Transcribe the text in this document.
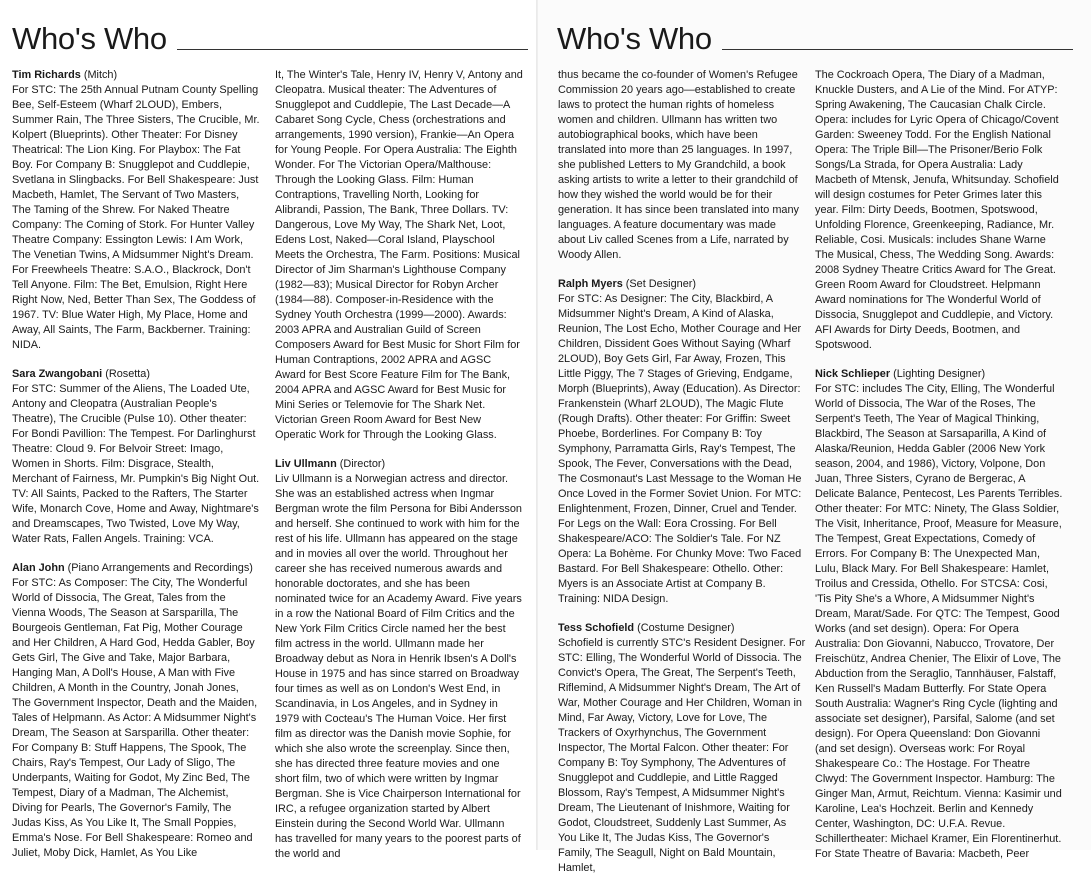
Who's Who

Tim Richards (Mitch)

For STC: The 25th Annual Putnam County Spelling Bee, Self-Esteem (Wharf 2LOUD), Embers, Summer Rain, The Three Sisters, The Crucible, Mr. Kolpert (Blueprints). Other Theater: For Disney Theatrical: The Lion King. For Playbox: The Fat Boy. For Company B: Snugglepot and Cuddlepie, Svetlana in Slingbacks. For Bell Shakespeare: Just Macbeth, Hamlet, The Servant of Two Masters, The Taming of the Shrew. For Naked Theatre Company: The Coming of Stork. For Hunter Valley Theatre Company: Essington Lewis: I Am Work, The Venetian Twins, A Midsummer Night's Dream. For Freewheels Theatre: S.A.O., Blackrock, Don't Tell Anyone. Film: The Bet, Emulsion, Right Here Right Now, Ned, Better Than Sex, The Goddess of 1967. TV: Blue Water High, My Place, Home and Away, All Saints, The Farm, Backberner. Training: NIDA.

Sara Zwangobani (Rosetta)

For STC: Summer of the Aliens, The Loaded Ute, Antony and Cleopatra (Australian People's Theatre), The Crucible (Pulse 10). Other theater: For Bondi Pavillion: The Tempest. For Darlinghurst Theatre: Cloud 9. For Belvoir Street: Imago, Women in Shorts. Film: Disgrace, Stealth, Merchant of Fairness, Mr. Pumpkin's Big Night Out. TV: All Saints, Packed to the Rafters, The Starter Wife, Monarch Cove, Home and Away, Nightmare's and Dreamscapes, Two Twisted, Love My Way, Water Rats, Fallen Angels. Training: VCA.

Alan John (Piano Arrangements and Recordings)

For STC: As Composer: The City, The Wonderful World of Dissocia, The Great, Tales from the Vienna Woods, The Season at Sarsparilla, The Bourgeois Gentleman, Fat Pig, Mother Courage and Her Children, A Hard God, Hedda Gabler, Boy Gets Girl, The Give and Take, Major Barbara, Hanging Man, A Doll's House, A Man with Five Children, A Month in the Country, Jonah Jones, The Government Inspector, Death and the Maiden, Tales of Helpmann. As Actor: A Midsummer Night's Dream, The Season at Sarsparilla. Other theater: For Company B: Stuff Happens, The Spook, The Chairs, Ray's Tempest, Our Lady of Sligo, The Underpants, Waiting for Godot, My Zinc Bed, The Tempest, Diary of a Madman, The Alchemist, Diving for Pearls, The Governor's Family, The Judas Kiss, As You Like It, The Small Poppies, Emma's Nose. For Bell Shakespeare: Romeo and Juliet, Moby Dick, Hamlet, As You Like

It, The Winter's Tale, Henry IV, Henry V, Antony and Cleopatra. Musical theater: The Adventures of Snugglepot and Cuddlepie, The Last Decade—A Cabaret Song Cycle, Chess (orchestrations and arrangements, 1990 version), Frankie—An Opera for Young People. For Opera Australia: The Eighth Wonder. For The Victorian Opera/Malthouse: Through the Looking Glass. Film: Human Contraptions, Travelling North, Looking for Alibrandi, Passion, The Bank, Three Dollars. TV: Dangerous, Love My Way, The Shark Net, Loot, Edens Lost, Naked—Coral Island, Playschool Meets the Orchestra, The Farm. Positions: Musical Director of Jim Sharman's Lighthouse Company (1982—83); Musical Director for Robyn Archer (1984—88). Composer-in-Residence with the Sydney Youth Orchestra (1999—2000). Awards: 2003 APRA and Australian Guild of Screen Composers Award for Best Music for Short Film for Human Contraptions, 2002 APRA and AGSC Award for Best Score Feature Film for The Bank, 2004 APRA and AGSC Award for Best Music for Mini Series or Telemovie for The Shark Net. Victorian Green Room Award for Best New Operatic Work for Through the Looking Glass.

Liv Ullmann (Director)

Liv Ullmann is a Norwegian actress and director. She was an established actress when Ingmar Bergman wrote the film Persona for Bibi Andersson and herself. She continued to work with him for the rest of his life. Ullmann has appeared on the stage and in movies all over the world. Throughout her career she has received numerous awards and honorable doctorates, and she has been nominated twice for an Academy Award. Five years in a row the National Board of Film Critics and the New York Film Critics Circle named her the best film actress in the world. Ullmann made her Broadway debut as Nora in Henrik Ibsen's A Doll's House in 1975 and has since starred on Broadway four times as well as on London's West End, in Scandinavia, in Los Angeles, and in Sydney in 1979 with Cocteau's The Human Voice. Her first film as director was the Danish movie Sophie, for which she also wrote the screenplay. Since then, she has directed three feature movies and one short film, two of which were written by Ingmar Bergman. She is Vice Chairperson International for IRC, a refugee organization started by Albert Einstein during the Second World War. Ullmann has travelled for many years to the poorest parts of the world and

Who's Who

thus became the co-founder of Women's Refugee Commission 20 years ago—established to create laws to protect the human rights of homeless women and children. Ullmann has written two autobiographical books, which have been translated into more than 25 languages. In 1997, she published Letters to My Grandchild, a book asking artists to write a letter to their grandchild of how they wished the world would be for their generation. It has since been translated into many languages. A feature documentary was made about Liv called Scenes from a Life, narrated by Woody Allen.

Ralph Myers (Set Designer)

For STC: As Designer: The City, Blackbird, A Midsummer Night's Dream, A Kind of Alaska, Reunion, The Lost Echo, Mother Courage and Her Children, Dissident Goes Without Saying (Wharf 2LOUD), Boy Gets Girl, Far Away, Frozen, This Little Piggy, The 7 Stages of Grieving, Endgame, Morph (Blueprints), Away (Education). As Director: Frankenstein (Wharf 2LOUD), The Magic Flute (Rough Drafts). Other theater: For Griffin: Sweet Phoebe, Borderlines. For Company B: Toy Symphony, Parramatta Girls, Ray's Tempest, The Spook, The Fever, Conversations with the Dead, The Cosmonaut's Last Message to the Woman He Once Loved in the Former Soviet Union. For MTC: Enlightenment, Frozen, Dinner, Cruel and Tender. For Legs on the Wall: Eora Crossing. For Bell Shakespeare/ACO: The Soldier's Tale. For NZ Opera: La Bohème. For Chunky Move: Two Faced Bastard. For Bell Shakespeare: Othello. Other: Myers is an Associate Artist at Company B. Training: NIDA Design.

Tess Schofield (Costume Designer)

Schofield is currently STC's Resident Designer. For STC: Elling, The Wonderful World of Dissocia. The Convict's Opera, The Great, The Serpent's Teeth, Riflemind, A Midsummer Night's Dream, The Art of War, Mother Courage and Her Children, Woman in Mind, Far Away, Victory, Love for Love, The Trackers of Oxyrhynchus, The Government Inspector, The Mortal Falcon. Other theater: For Company B: Toy Symphony, The Adventures of Snugglepot and Cuddlepie, and Little Ragged Blossom, Ray's Tempest, A Midsummer Night's Dream, The Lieutenant of Inishmore, Waiting for Godot, Cloudstreet, Suddenly Last Summer, As You Like It, The Judas Kiss, The Governor's Family, The Seagull, Night on Bald Mountain, Hamlet,

The Cockroach Opera, The Diary of a Madman, Knuckle Dusters, and A Lie of the Mind. For ATYP: Spring Awakening, The Caucasian Chalk Circle. Opera: includes for Lyric Opera of Chicago/Covent Garden: Sweeney Todd. For the English National Opera: The Triple Bill—The Prisoner/Berio Folk Songs/La Strada, for Opera Australia: Lady Macbeth of Mtensk, Jenufa, Whitsunday. Schofield will design costumes for Peter Grimes later this year. Film: Dirty Deeds, Bootmen, Spotswood, Unfolding Florence, Greenkeeping, Radiance, Mr. Reliable, Cosi. Musicals: includes Shane Warne The Musical, Chess, The Wedding Song. Awards: 2008 Sydney Theatre Critics Award for The Great. Green Room Award for Cloudstreet. Helpmann Award nominations for The Wonderful World of Dissocia, Snugglepot and Cuddlepie, and Victory. AFI Awards for Dirty Deeds, Bootmen, and Spotswood.

Nick Schlieper (Lighting Designer)

For STC: includes The City, Elling, The Wonderful World of Dissocia, The War of the Roses, The Serpent's Teeth, The Year of Magical Thinking, Blackbird, The Season at Sarsaparilla, A Kind of Alaska/Reunion, Hedda Gabler (2006 New York season, 2004, and 1986), Victory, Volpone, Don Juan, Three Sisters, Cyrano de Bergerac, A Delicate Balance, Pentecost, Les Parents Terribles. Other theater: For MTC: Ninety, The Glass Soldier, The Visit, Inheritance, Proof, Measure for Measure, The Tempest, Great Expectations, Comedy of Errors. For Company B: The Unexpected Man, Lulu, Black Mary. For Bell Shakespeare: Hamlet, Troilus and Cressida, Othello. For STCSA: Cosi, 'Tis Pity She's a Whore, A Midsummer Night's Dream, Marat/Sade. For QTC: The Tempest, Good Works (and set design). Opera: For Opera Australia: Don Giovanni, Nabucco, Trovatore, Der Freischütz, Andrea Chenier, The Elixir of Love, The Abduction from the Seraglio, Tannhäuser, Falstaff, Ken Russell's Madam Butterfly. For State Opera South Australia: Wagner's Ring Cycle (lighting and associate set designer), Parsifal, Salome (and set design). For Opera Queensland: Don Giovanni (and set design). Overseas work: For Royal Shakespeare Co.: The Hostage. For Theatre Clwyd: The Government Inspector. Hamburg: The Ginger Man, Armut, Reichtum. Vienna: Kasimir und Karoline, Lea's Hochzeit. Berlin and Kennedy Center, Washington, DC: U.F.A. Revue. Schillertheater: Michael Kramer, Ein Florentinerhut. For State Theatre of Bavaria: Macbeth, Peer
